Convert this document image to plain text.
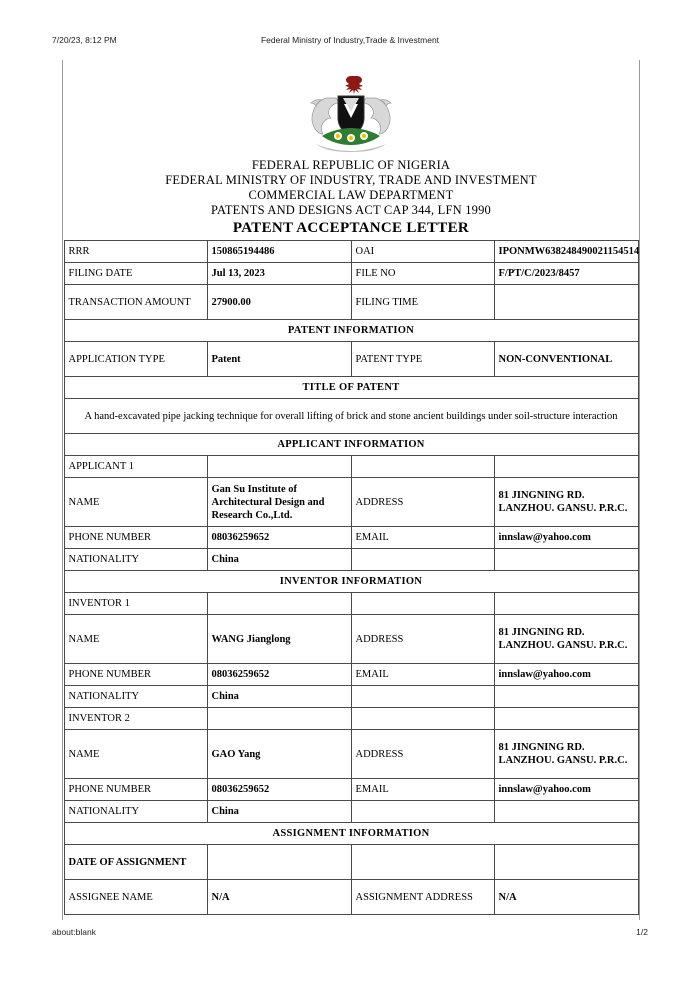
7/20/23, 8:12 PM	Federal Ministry of Industry,Trade & Investment
FEDERAL REPUBLIC OF NIGERIA
FEDERAL MINISTRY OF INDUSTRY, TRADE AND INVESTMENT
COMMERCIAL LAW DEPARTMENT
PATENTS AND DESIGNS ACT CAP 344, LFN 1990
PATENT ACCEPTANCE LETTER
RRR	150865194486	OAI	IPONMW638248490021154514
FILING DATE	Jul 13, 2023	FILE NO	F/PT/C/2023/8457
TRANSACTION AMOUNT	27900.00	FILING TIME	
PATENT INFORMATION			
APPLICATION TYPE	Patent	PATENT TYPE	NON-CONVENTIONAL
TITLE OF PATENT			
A hand-excavated pipe jacking technique for overall lifting of brick and stone ancient buildings under soil-structure interaction			
APPLICANT INFORMATION			
APPLICANT 1			
NAME	Gan Su Institute of Architectural Design and Research Co.,Ltd.	ADDRESS	81 JINGNING RD. LANZHOU. GANSU. P.R.C.
PHONE NUMBER	08036259652	EMAIL	innslaw@yahoo.com
NATIONALITY	China		
INVENTOR INFORMATION			
INVENTOR 1			
NAME	WANG Jianglong	ADDRESS	81 JINGNING RD. LANZHOU. GANSU. P.R.C.
PHONE NUMBER	08036259652	EMAIL	innslaw@yahoo.com
NATIONALITY	China		
INVENTOR 2			
NAME	GAO Yang	ADDRESS	81 JINGNING RD. LANZHOU. GANSU. P.R.C.
PHONE NUMBER	08036259652	EMAIL	innslaw@yahoo.com
NATIONALITY	China		
ASSIGNMENT INFORMATION			
DATE OF ASSIGNMENT			
ASSIGNEE NAME	N/A	ASSIGNMENT ADDRESS	N/A
about:blank	1/2
